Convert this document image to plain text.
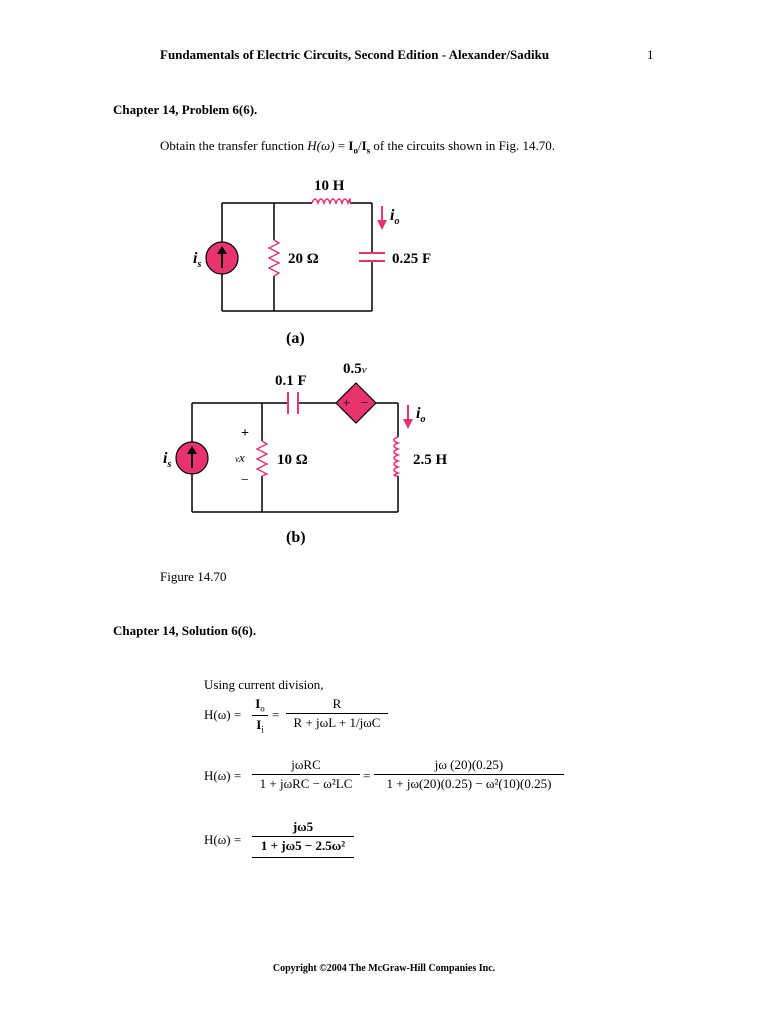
Fundamentals of Electric Circuits, Second Edition - Alexander/Sadiku	1
Chapter 14, Problem 6(6).
Obtain the transfer function $H(\omega) = I_o/I_s$ of the circuits shown in Fig. 14.70.
10 H
$i_o$
$i_s$	20 Ω	0.25 F
(a)
+ −
0.1 F
0.5v
$i_o$
$i_s$
+
vx
−
10 Ω	2.5 H
(b)
Figure 14.70
Chapter 14, Solution 6(6).
Using current division,
H(ω) =
$I_o$
$I_i$
=
R
R + jωL + 1/jωC
H(ω) =
jωRC
1 + jωRC − ω²LC
=
jω (20)(0.25)
1 + jω(20)(0.25) − ω²(10)(0.25)
H(ω) =
jω5
1 + jω5 − 2.5ω²
Copyright ©2004 The McGraw-Hill Companies Inc.
